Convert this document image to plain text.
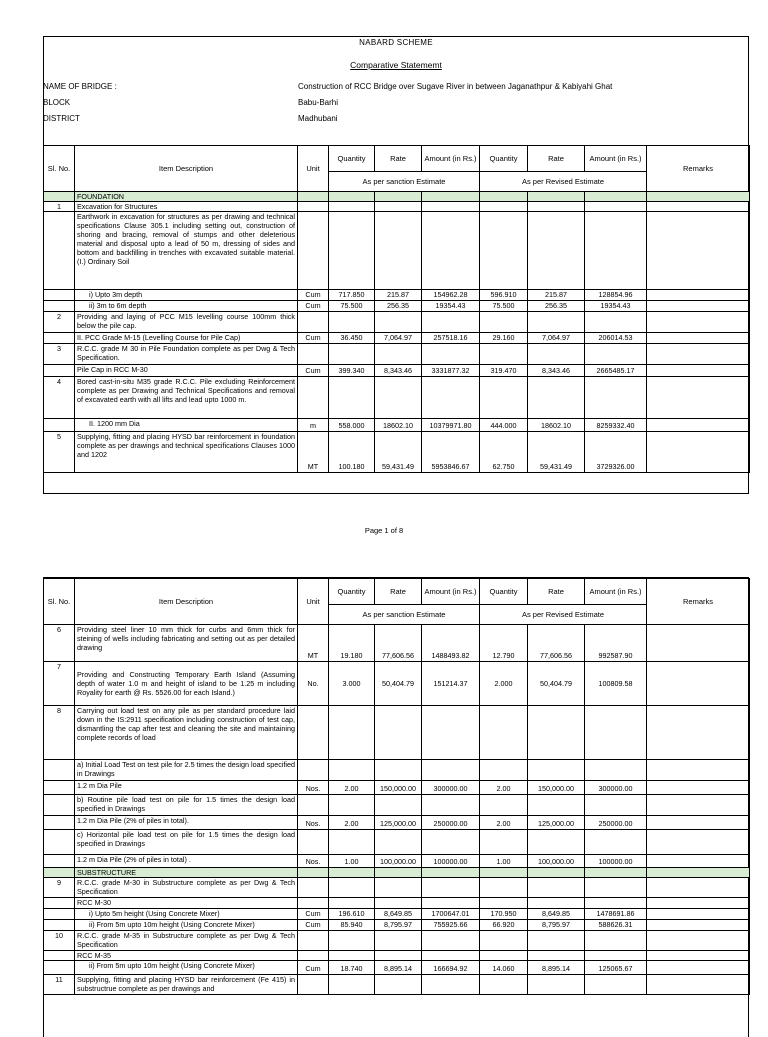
NABARD SCHEME
Comparative Statememt
NAME OF BRIDGE :	Construction of RCC Bridge over Sugave River in between Jaganathpur & Kabiyahi Ghat
BLOCK	Babu-Barhi
DISTRICT	Madhubani
Sl. No.	Item Description	Unit	Quantity	Rate	Amount (in Rs.)	Quantity	Rate	Amount (in Rs.)	Remarks
			As per sanction Estimate			As per Revised Estimate			
	FOUNDATION								
1	Excavation for Structures								
	Earthwork in excavation for structures as per drawing and technical specifications Clause 305.1 including setting out, construction of shoring and bracing, removal of stumps and other deleterious material and disposal upto a lead of 50 m, dressing of sides and bottom and backfilling in trenches with excavated suitable material. (I.) Ordinary Soil								
	i) Upto 3m depth	Cum	717.850	215.87	154962.28	596.910	215.87	128854.96	
	ii) 3m to 6m depth	Cum	75.500	256.35	19354.43	75.500	256.35	19354.43	
2	Providing and laying of PCC M15 levelling course 100mm thick below the pile cap.								
	II. PCC Grade M-15 (Levelling Course for Pile Cap)	Cum	36.450	7,064.97	257518.16	29.160	7,064.97	206014.53	
3	R.C.C. grade M 30 in Pile Foundation complete as per Dwg & Tech Specification.								
	Pile Cap in RCC M-30	Cum	399.340	8,343.46	3331877.32	319.470	8,343.46	2665485.17	
4	Bored cast-in-situ M35 grade R.C.C. Pile excluding Reinforcement complete as per Drawing and Technical Specifications and removal of excavated earth with all lifts and lead upto 1000 m.								
	II. 1200 mm Dia	m	558.000	18602.10	10379971.80	444.000	18602.10	8259332.40	
5	Supplying, fitting and placing HYSD bar reinforcement in foundation complete as per drawings and technical specifications Clauses 1000 and 1202	MT	100.180	59,431.49	5953846.67	62.750	59,431.49	3729326.00	
Page 1 of 8
Sl. No.	Item Description	Unit	Quantity	Rate	Amount (in Rs.)	Quantity	Rate	Amount (in Rs.)	Remarks
			As per sanction Estimate			As per Revised Estimate			
6	Providing steel liner 10 mm thick for curbs and 6mm thick for steining of wells including fabricating and setting out as per detailed drawing	MT	19.180	77,606.56	1488493.82	12.790	77,606.56	992587.90	
7	Providing and Constructing Temporary Earth Island (Assuming depth of water 1.0 m and height of island to be 1.25 m including Royality for earth @ Rs. 5526.00 for each Island.)	No.	3.000	50,404.79	151214.37	2.000	50,404.79	100809.58	
8	Carrying out load test on any pile as per standard procedure laid down in the IS:2911 specification including construction of test cap, dismantling the cap after test and cleaning the site and maintaining complete records of load								
	a) Initial Load Test on test pile for 2.5 times the design load specified in Drawings								
	1.2 m Dia Pile	Nos.	2.00	150,000.00	300000.00	2.00	150,000.00	300000.00	
	b) Routine pile load test on pile for 1.5 times the design load specified in Drawings								
	1.2 m Dia Pile (2% of piles in total).	Nos.	2.00	125,000.00	250000.00	2.00	125,000.00	250000.00	
	c) Horizontal pile load test on pile for 1.5 times the design load specified in Drawings								
	1.2 m Dia Pile (2% of piles in total) .	Nos.	1.00	100,000.00	100000.00	1.00	100,000.00	100000.00	
	SUBSTRUCTURE								
9	R.C.C. grade M-30 in Substructure complete as per Dwg & Tech Specification								
	RCC M-30								
	i) Upto 5m height (Using Concrete Mixer)	Cum	196.610	8,649.85	1700647.01	170.950	8,649.85	1478691.86	
	ii) From 5m upto 10m height (Using Concrete Mixer)	Cum	85.940	8,795.97	755925.66	66.920	8,795.97	588626.31	
10	R.C.C. grade M-35 in Substructure complete as per Dwg & Tech Specification								
	RCC M-35								
	ii) From 5m upto 10m height (Using Concrete Mixer)	Cum	18.740	8,895.14	166694.92	14.060	8,895.14	125065.67	
11	Supplying, fitting and placing HYSD bar reinforcement (Fe 415) in substructrue complete as per drawings and								
